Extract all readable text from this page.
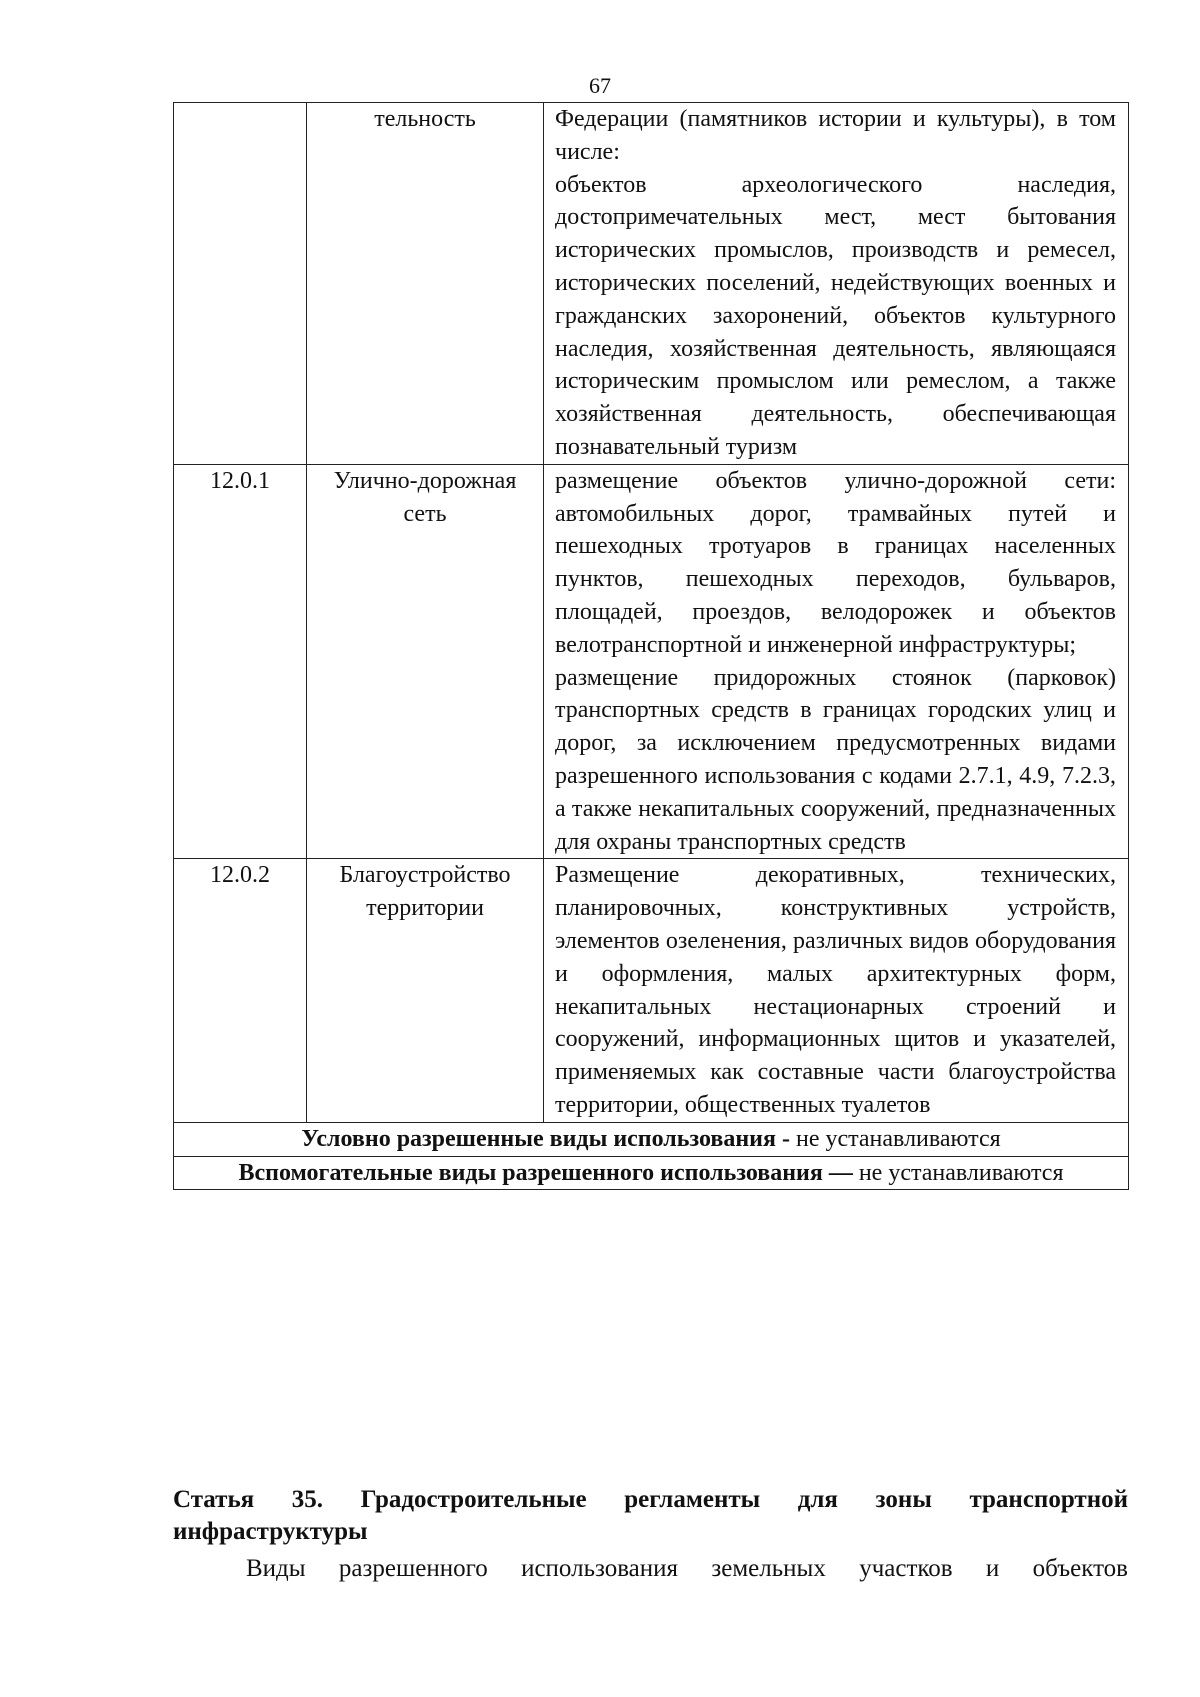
67

	тельность	Федерации (памятников истории и культуры), в том числе:

объектов археологического наследия, достопримечательных мест, мест бытования исторических промыслов, производств и ремесел, исторических поселений, недействующих военных и гражданских захоронений, объектов культурного наследия, хозяйственная деятельность, являющаяся историческим промыслом или ремеслом, а также хозяйственная деятельность, обеспечивающая познавательный туризм

12.0.1	Улично-дорожная сеть	размещение объектов улично-дорожной сети: автомобильных дорог, трамвайных путей и пешеходных тротуаров в границах населенных пунктов, пешеходных переходов, бульваров, площадей, проездов, велодорожек и объектов велотранспортной и инженерной инфраструктуры;

размещение придорожных стоянок (парковок) транспортных средств в границах городских улиц и дорог, за исключением предусмотренных видами разрешенного использования с кодами 2.7.1, 4.9, 7.2.3, а также некапитальных сооружений, предназначенных для охраны транспортных средств

12.0.2	Благоустройство территории	Размещение декоративных, технических, планировочных, конструктивных устройств, элементов озеленения, различных видов оборудования и оформления, малых архитектурных форм, некапитальных нестационарных строений и сооружений, информационных щитов и указателей, применяемых как составные части благоустройства территории, общественных туалетов

Условно разрешенные виды использования - не устанавливаются		
Вспомогательные виды разрешенного использования — не устанавливаются		

Статья 35. Градостроительные регламенты для зоны транспортной инфраструктуры

Виды разрешенного использования земельных участков и объектов
